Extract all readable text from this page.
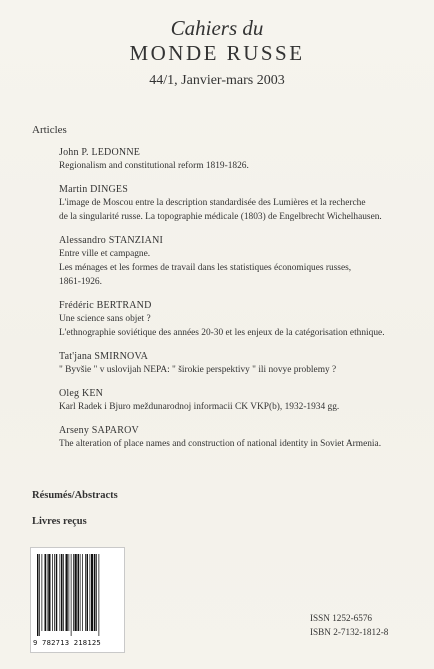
Cahiers du
MONDE RUSSE
44/1, Janvier-mars 2003
Articles
John P. LEDONNE
Regionalism and constitutional reform 1819-1826.
Martin DINGES
L'image de Moscou entre la description standardisée des Lumières et la recherche
de la singularité russe. La topographie médicale (1803) de Engelbrecht Wichelhausen.
Alessandro STANZIANI
Entre ville et campagne.
Les ménages et les formes de travail dans les statistiques économiques russes,
1861-1926.
Frédéric BERTRAND
Une science sans objet ?
L'ethnographie soviétique des années 20-30 et les enjeux de la catégorisation ethnique.
Tat'jana SMIRNOVA
" Byvšie " v uslovijah NEPA: " širokie perspektivy " ili novye problemy ?
Oleg KEN
Karl Radek i Bjuro meždunarodnoj informacii CK VKP(b), 1932-1934 gg.
Arseny SAPAROV
The alteration of place names and construction of national identity in Soviet Armenia.
Résumés/Abstracts
Livres reçus
9 782713 218125
ISSN 1252-6576
ISBN 2-7132-1812-8
